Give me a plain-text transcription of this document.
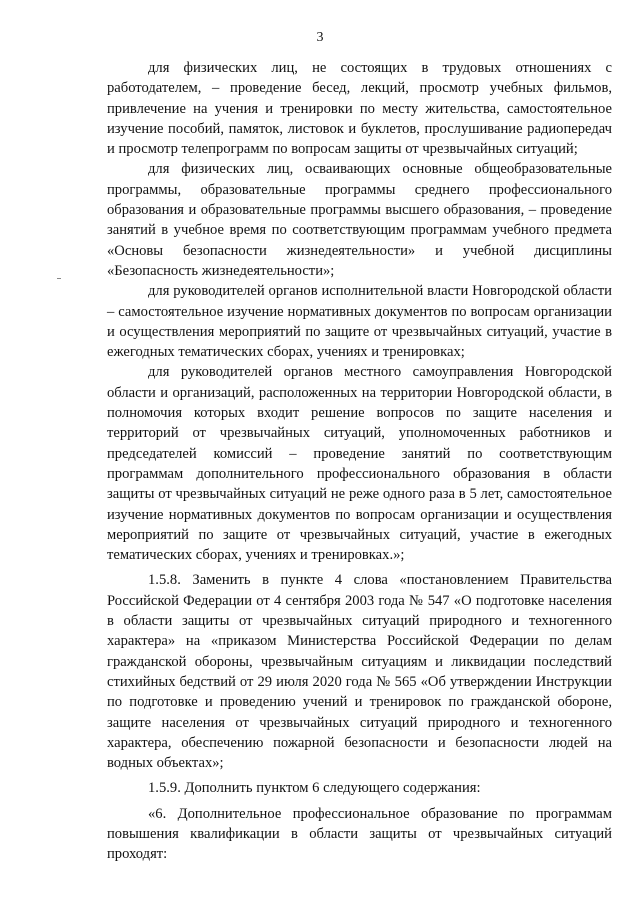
3

для физических лиц, не состоящих в трудовых отношениях с работодателем, – проведение бесед, лекций, просмотр учебных фильмов, привлечение на учения и тренировки по месту жительства, самостоятельное изучение пособий, памяток, листовок и буклетов, прослушивание радиопередач и просмотр телепрограмм по вопросам защиты от чрезвычайных ситуаций;

для физических лиц, осваивающих основные общеобразовательные программы, образовательные программы среднего профессионального образования и образовательные программы высшего образования, – проведение занятий в учебное время по соответствующим программам учебного предмета «Основы безопасности жизнедеятельности» и учебной дисциплины «Безопасность жизнедеятельности»;

для руководителей органов исполнительной власти Новгородской области – самостоятельное изучение нормативных документов по вопросам организации и осуществления мероприятий по защите от чрезвычайных ситуаций, участие в ежегодных тематических сборах, учениях и тренировках;

для руководителей органов местного самоуправления Новгородской области и организаций, расположенных на территории Новгородской области, в полномочия которых входит решение вопросов по защите населения и территорий от чрезвычайных ситуаций, уполномоченных работников и председателей комиссий – проведение занятий по соответствующим программам дополнительного профессионального образования в области защиты от чрезвычайных ситуаций не реже одного раза в 5 лет, самостоятельное изучение нормативных документов по вопросам организации и осуществления мероприятий по защите от чрезвычайных ситуаций, участие в ежегодных тематических сборах, учениях и тренировках.»;

1.5.8. Заменить в пункте 4 слова «постановлением Правительства Российской Федерации от 4 сентября 2003 года № 547 «О подготовке населения в области защиты от чрезвычайных ситуаций природного и техногенного характера» на «приказом Министерства Российской Федерации по делам гражданской обороны, чрезвычайным ситуациям и ликвидации последствий стихийных бедствий от 29 июля 2020 года № 565 «Об утверждении Инструкции по подготовке и проведению учений и тренировок по гражданской обороне, защите населения от чрезвычайных ситуаций природного и техногенного характера, обеспечению пожарной безопасности и безопасности людей на водных объектах»;

1.5.9. Дополнить пунктом 6 следующего содержания:

«6. Дополнительное профессиональное образование по программам повышения квалификации в области защиты от чрезвычайных ситуаций проходят:
